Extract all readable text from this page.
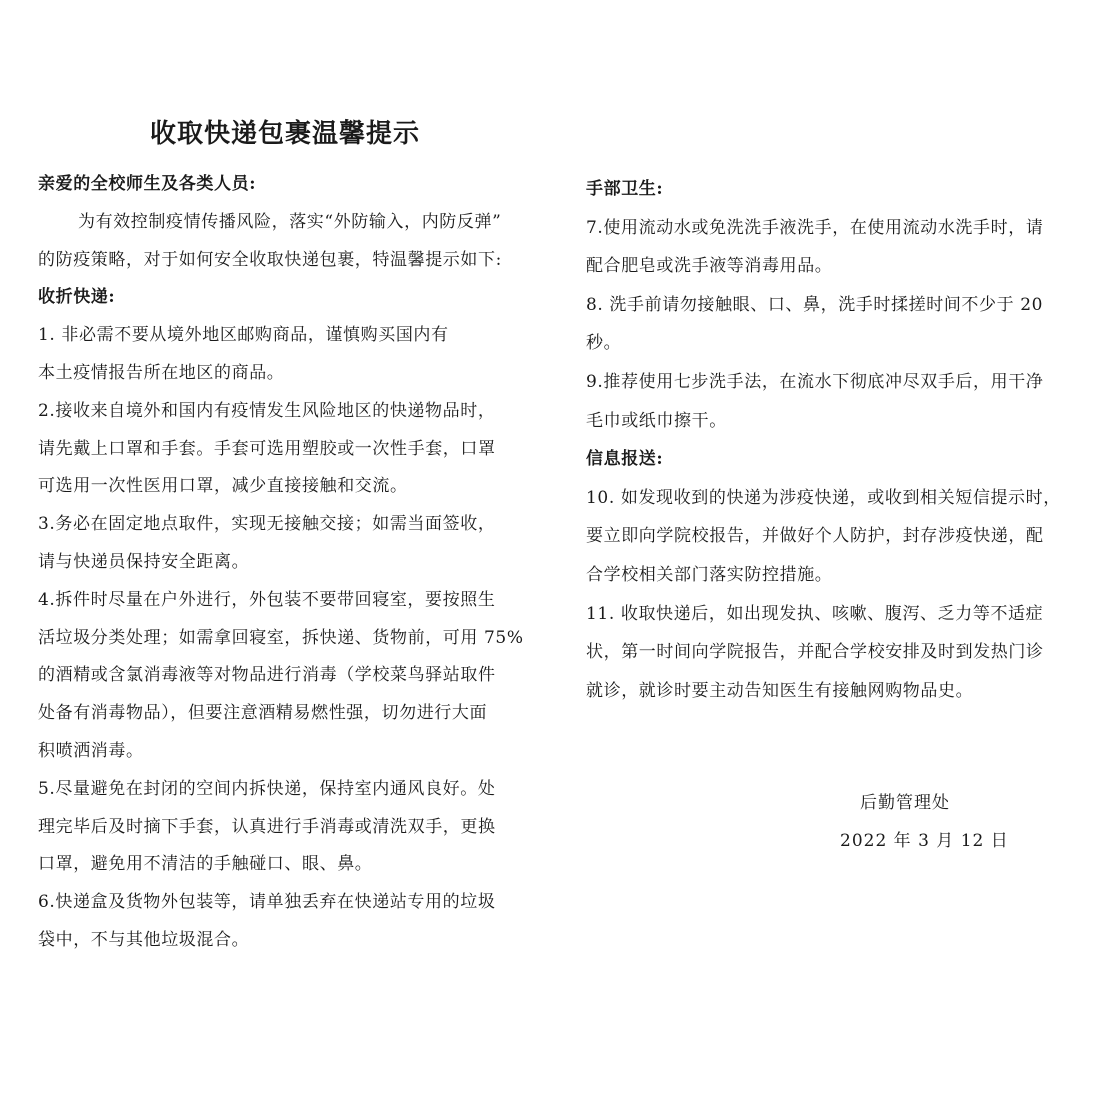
收取快递包裹温馨提示
亲爱的全校师生及各类人员:
为有效控制疫情传播风险，落实“外防输入，内防反弹”
的防疫策略，对于如何安全收取快递包裹，特温馨提示如下:
收折快递:
1. 非必需不要从境外地区邮购商品，谨慎购买国内有
本土疫情报告所在地区的商品。
2.接收来自境外和国内有疫情发生风险地区的快递物品时，
请先戴上口罩和手套。手套可选用塑胶或一次性手套，口罩
可选用一次性医用口罩，减少直接接触和交流。
3.务必在固定地点取件，实现无接触交接；如需当面签收，
请与快递员保持安全距离。
4.拆件时尽量在户外进行，外包装不要带回寝室，要按照生
活垃圾分类处理；如需拿回寝室，拆快递、货物前，可用 75%
的酒精或含氯消毒液等对物品进行消毒（学校菜鸟驿站取件
处备有消毒物品），但要注意酒精易燃性强，切勿进行大面
积喷洒消毒。
5.尽量避免在封闭的空间内拆快递，保持室内通风良好。处
理完毕后及时摘下手套，认真进行手消毒或清洗双手，更换
口罩，避免用不清洁的手触碰口、眼、鼻。
6.快递盒及货物外包装等，请单独丢弃在快递站专用的垃圾
袋中，不与其他垃圾混合。
手部卫生:
7.使用流动水或免洗洗手液洗手，在使用流动水洗手时，请
配合肥皂或洗手液等消毒用品。
8. 洗手前请勿接触眼、口、鼻，洗手时揉搓时间不少于 20
秒。
9.推荐使用七步洗手法，在流水下彻底冲尽双手后，用干净
毛巾或纸巾擦干。
信息报送:
10. 如发现收到的快递为涉疫快递，或收到相关短信提示时，
要立即向学院校报告，并做好个人防护，封存涉疫快递，配
合学校相关部门落实防控措施。
11. 收取快递后，如出现发执、咳嗽、腹泻、乏力等不适症
状，第一时间向学院报告，并配合学校安排及时到发热门诊
就诊，就诊时要主动告知医生有接触网购物品史。
后勤管理处
2022 年 3 月 12 日
